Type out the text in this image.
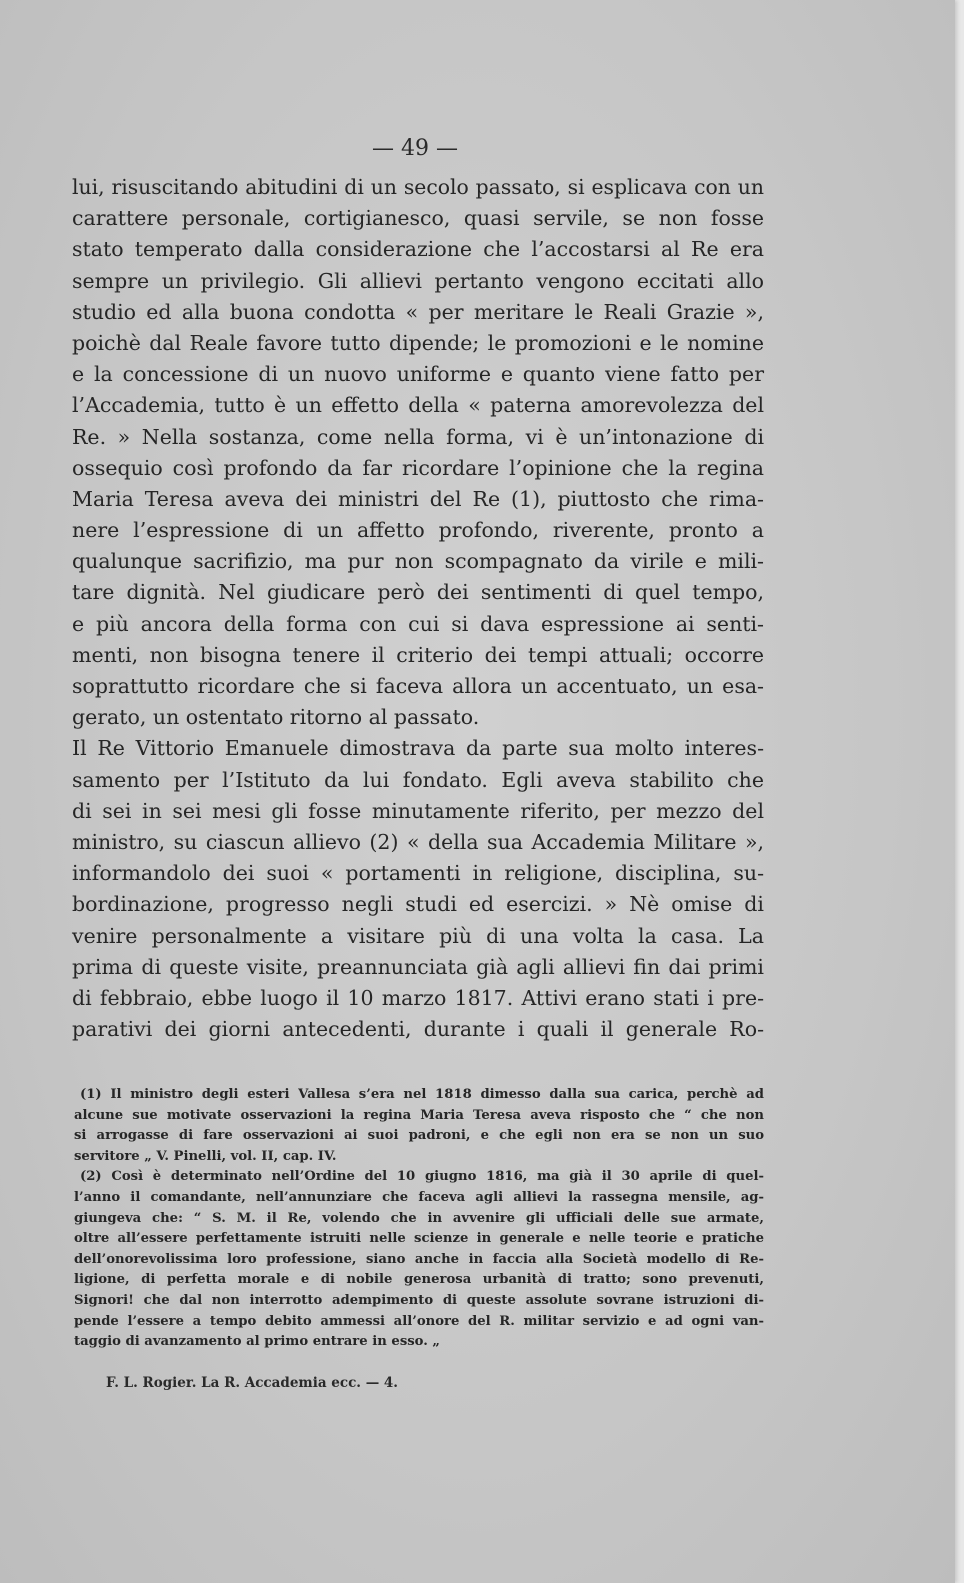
— 49 —
lui, risuscitando abitudini di un secolo passato, si esplicava con un
carattere personale, cortigianesco, quasi servile, se non fosse
stato temperato dalla considerazione che l’accostarsi al Re era
sempre un privilegio. Gli allievi pertanto vengono eccitati allo
studio ed alla buona condotta « per meritare le Reali Grazie »,
poichè dal Reale favore tutto dipende; le promozioni e le nomine
e la concessione di un nuovo uniforme e quanto viene fatto per
l’Accademia, tutto è un effetto della « paterna amorevolezza del
Re. » Nella sostanza, come nella forma, vi è un’intonazione di
ossequio così profondo da far ricordare l’opinione che la regina
Maria Teresa aveva dei ministri del Re (1), piuttosto che rima-
nere l’espressione di un affetto profondo, riverente, pronto a
qualunque sacrifizio, ma pur non scompagnato da virile e mili-
tare dignità. Nel giudicare però dei sentimenti di quel tempo,
e più ancora della forma con cui si dava espressione ai senti-
menti, non bisogna tenere il criterio dei tempi attuali; occorre
soprattutto ricordare che si faceva allora un accentuato, un esa-
gerato, un ostentato ritorno al passato.
Il Re Vittorio Emanuele dimostrava da parte sua molto interes-
samento per l’Istituto da lui fondato. Egli aveva stabilito che
di sei in sei mesi gli fosse minutamente riferito, per mezzo del
ministro, su ciascun allievo (2) « della sua Accademia Militare »,
informandolo dei suoi « portamenti in religione, disciplina, su-
bordinazione, progresso negli studi ed esercizi. » Nè omise di
venire personalmente a visitare più di una volta la casa. La
prima di queste visite, preannunciata già agli allievi fin dai primi
di febbraio, ebbe luogo il 10 marzo 1817. Attivi erano stati i pre-
parativi dei giorni antecedenti, durante i quali il generale Ro-
(1) Il ministro degli esteri Vallesa s’era nel 1818 dimesso dalla sua carica, perchè ad
alcune sue motivate osservazioni la regina Maria Teresa aveva risposto che “ che non
si arrogasse di fare osservazioni ai suoi padroni, e che egli non era se non un suo
servitore „ V. Pinelli, vol. II, cap. IV.
(2) Così è determinato nell’Ordine del 10 giugno 1816, ma già il 30 aprile di quel-
l’anno il comandante, nell’annunziare che faceva agli allievi la rassegna mensile, ag-
giungeva che: “ S. M. il Re, volendo che in avvenire gli ufficiali delle sue armate,
oltre all’essere perfettamente istruiti nelle scienze in generale e nelle teorie e pratiche
dell’onorevolissima loro professione, siano anche in faccia alla Società modello di Re-
ligione, di perfetta morale e di nobile generosa urbanità di tratto; sono prevenuti,
Signori! che dal non interrotto adempimento di queste assolute sovrane istruzioni di-
pende l’essere a tempo debito ammessi all’onore del R. militar servizio e ad ogni van-
taggio di avanzamento al primo entrare in esso. „
F. L. Rogier. La R. Accademia ecc. — 4.
